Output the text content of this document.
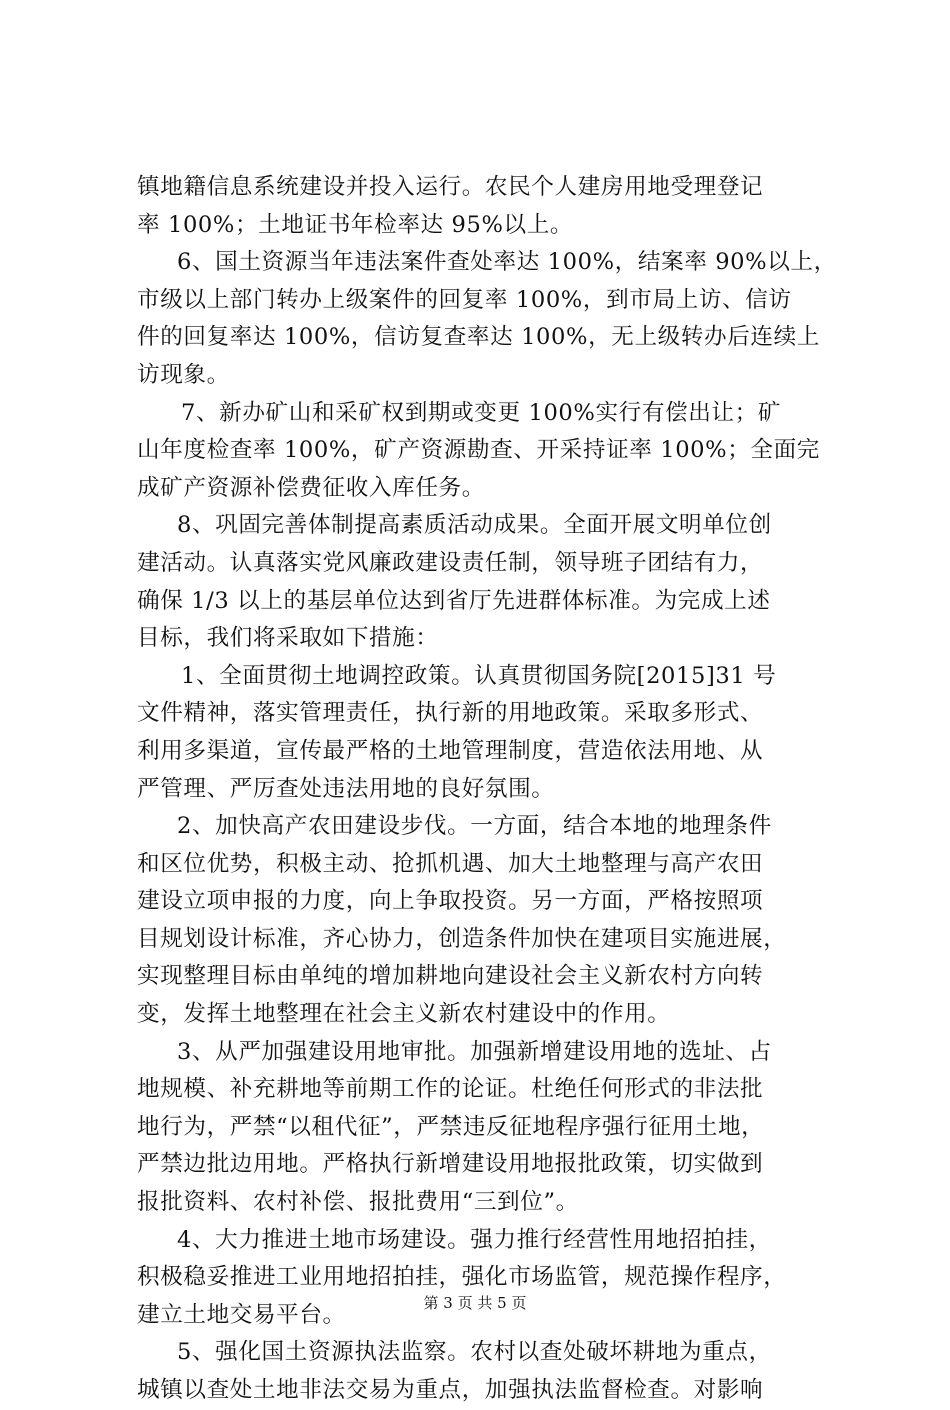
镇地籍信息系统建设并投入运行。农民个人建房用地受理登记
率 100%；土地证书年检率达 95%以上。
6、国土资源当年违法案件查处率达 100%，结案率 90%以上，
市级以上部门转办上级案件的回复率 100%，到市局上访、信访
件的回复率达 100%，信访复查率达 100%，无上级转办后连续上
访现象。
7、新办矿山和采矿权到期或变更 100%实行有偿出让；矿
山年度检查率 100%，矿产资源勘查、开采持证率 100%；全面完
成矿产资源补偿费征收入库任务。
8、巩固完善体制提高素质活动成果。全面开展文明单位创
建活动。认真落实党风廉政建设责任制，领导班子团结有力，
确保 1/3 以上的基层单位达到省厅先进群体标准。为完成上述
目标，我们将采取如下措施：
1、全面贯彻土地调控政策。认真贯彻国务院[2015]31 号
文件精神，落实管理责任，执行新的用地政策。采取多形式、
利用多渠道，宣传最严格的土地管理制度，营造依法用地、从
严管理、严厉查处违法用地的良好氛围。
2、加快高产农田建设步伐。一方面，结合本地的地理条件
和区位优势，积极主动、抢抓机遇、加大土地整理与高产农田
建设立项申报的力度，向上争取投资。另一方面，严格按照项
目规划设计标准，齐心协力，创造条件加快在建项目实施进展，
实现整理目标由单纯的增加耕地向建设社会主义新农村方向转
变，发挥土地整理在社会主义新农村建设中的作用。
3、从严加强建设用地审批。加强新增建设用地的选址、占
地规模、补充耕地等前期工作的论证。杜绝任何形式的非法批
地行为，严禁“以租代征”，严禁违反征地程序强行征用土地，
严禁边批边用地。严格执行新增建设用地报批政策，切实做到
报批资料、农村补偿、报批费用“三到位”。
4、大力推进土地市场建设。强力推行经营性用地招拍挂，
积极稳妥推进工业用地招拍挂，强化市场监管，规范操作程序，
建立土地交易平台。
5、强化国土资源执法监察。农村以查处破坏耕地为重点，
城镇以查处土地非法交易为重点，加强执法监督检查。对影响
第 3 页 共 5 页
